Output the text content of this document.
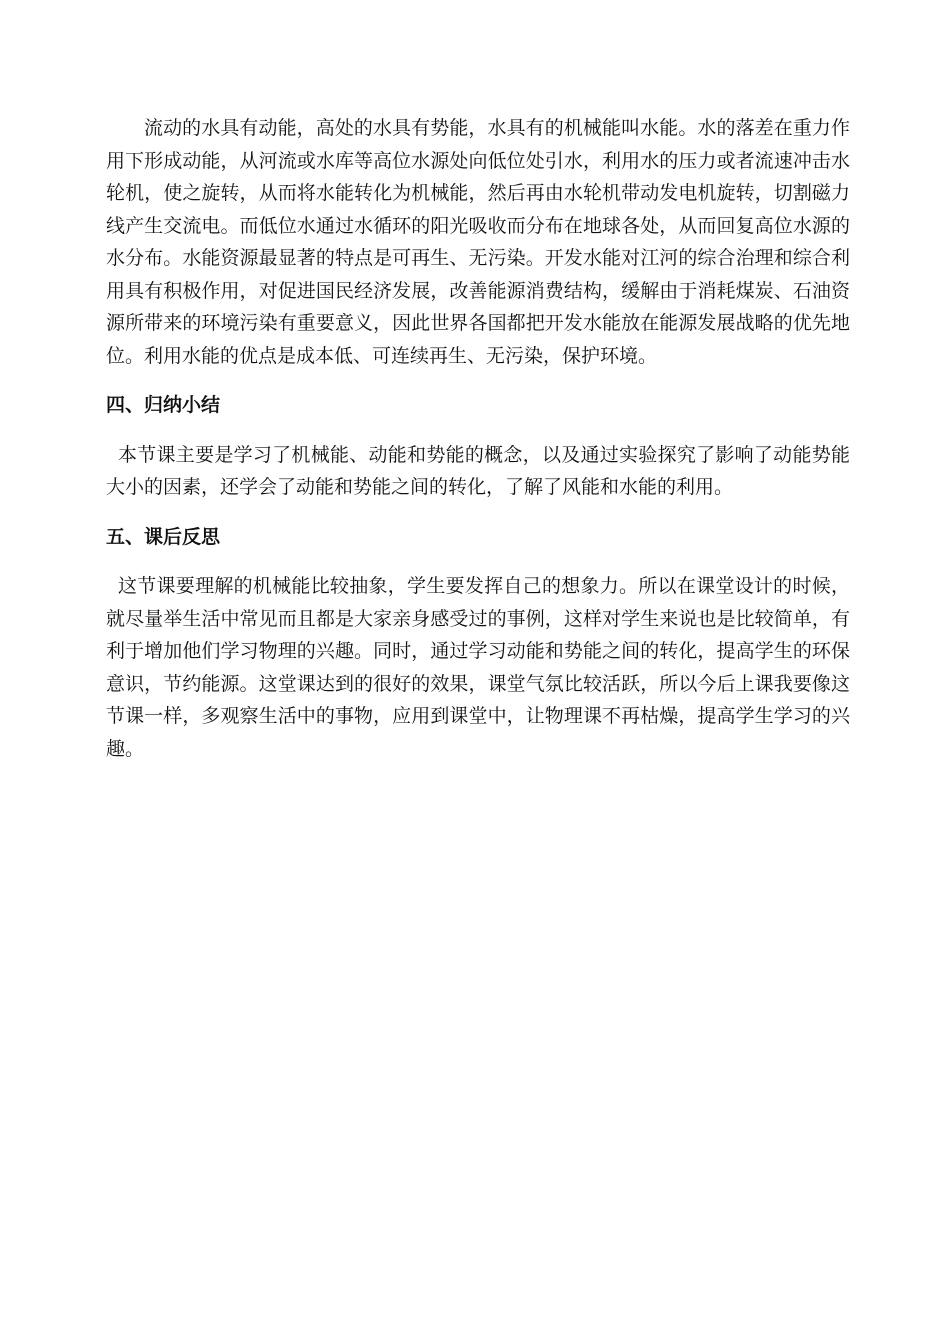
流动的水具有动能，高处的水具有势能，水具有的机械能叫水能。水的落差在重力作用下形成动能，从河流或水库等高位水源处向低位处引水，利用水的压力或者流速冲击水轮机，使之旋转，从而将水能转化为机械能，然后再由水轮机带动发电机旋转，切割磁力线产生交流电。而低位水通过水循环的阳光吸收而分布在地球各处，从而回复高位水源的水分布。水能资源最显著的特点是可再生、无污染。开发水能对江河的综合治理和综合利用具有积极作用，对促进国民经济发展，改善能源消费结构，缓解由于消耗煤炭、石油资源所带来的环境污染有重要意义，因此世界各国都把开发水能放在能源发展战略的优先地位。利用水能的优点是成本低、可连续再生、无污染，保护环境。

四、归纳小结

本节课主要是学习了机械能、动能和势能的概念，以及通过实验探究了影响了动能势能大小的因素，还学会了动能和势能之间的转化，了解了风能和水能的利用。

五、课后反思

这节课要理解的机械能比较抽象，学生要发挥自己的想象力。所以在课堂设计的时候，就尽量举生活中常见而且都是大家亲身感受过的事例，这样对学生来说也是比较简单，有利于增加他们学习物理的兴趣。同时，通过学习动能和势能之间的转化，提高学生的环保意识，节约能源。这堂课达到的很好的效果，课堂气氛比较活跃，所以今后上课我要像这节课一样，多观察生活中的事物，应用到课堂中，让物理课不再枯燥，提高学生学习的兴趣。
